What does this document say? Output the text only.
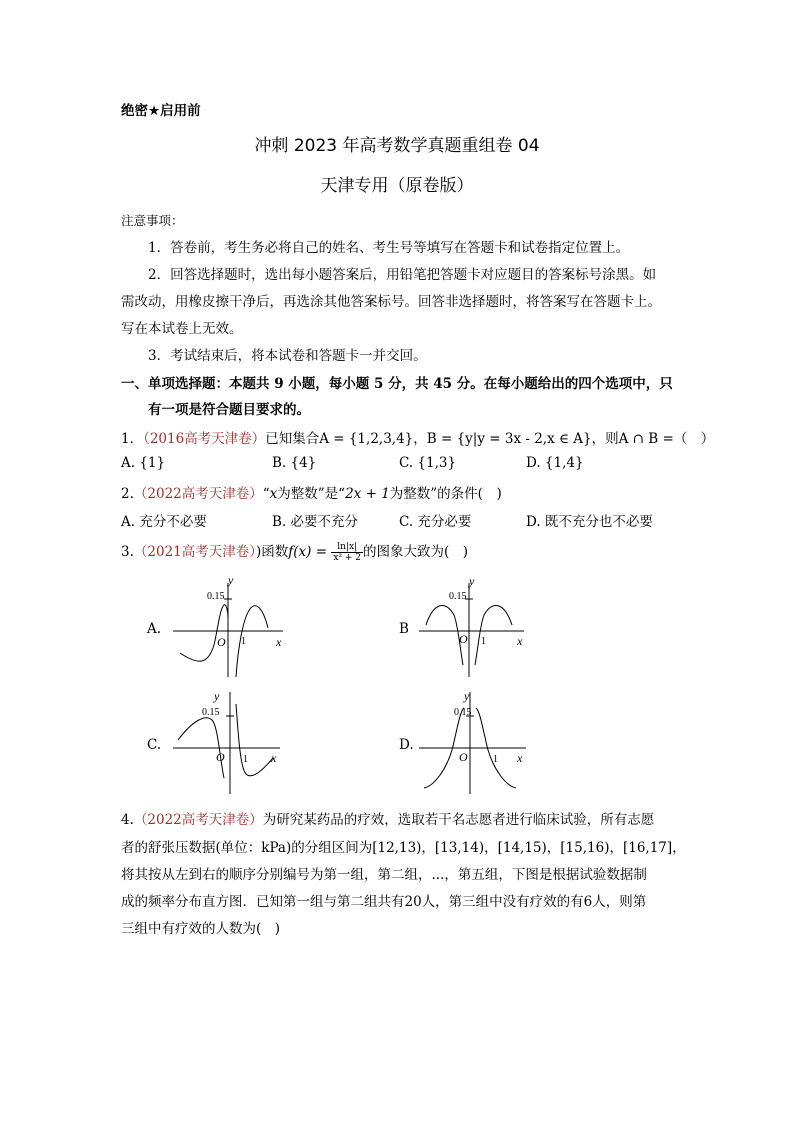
绝密★启用前
冲刺 2023 年高考数学真题重组卷 04
天津专用（原卷版）
注意事项：
1．答卷前，考生务必将自己的姓名、考生号等填写在答题卡和试卷指定位置上。
2．回答选择题时，选出每小题答案后，用铅笔把答题卡对应题目的答案标号涂黑。如
需改动，用橡皮擦干净后，再选涂其他答案标号。回答非选择题时，将答案写在答题卡上。
写在本试卷上无效。
3．考试结束后，将本试卷和答题卡一并交回。
一、单项选择题：本题共 9 小题，每小题 5 分，共 45 分。在每小题给出的四个选项中，只
有一项是符合题目要求的。
1．（2016高考天津卷）已知集合A = {1,2,3,4}，B = {y|y = 3x - 2,x ∈ A}，则A ∩ B =（　）
A. {1}	B. {4}	C. {1,3}	D. {1,4}
2.（2022高考天津卷）“x为整数”是“2x + 1为整数”的条件(　)
A. 充分不必要	B. 必要不充分	C. 充分必要	D. 既不充分也不必要
3.（2021高考天津卷）)函数$f(x) = \frac{\ln|x|}{\text{x² + 2}}$ 的图象大致为(　)
A.
y
0.15
O 1	x
B
y
0.15
O 1	x
C.
y
0.15
O 1 x
D.
y
0.15
O	1 x
4.（2022高考天津卷）为研究某药品的疗效，选取若干名志愿者进行临床试验，所有志愿
者的舒张压数据(单位：kPa)的分组区间为[12,13)，[13,14)，[14,15)，[15,16)，[16,17]，
将其按从左到右的顺序分别编号为第一组，第二组，...，第五组，下图是根据试验数据制
成的频率分布直方图．已知第一组与第二组共有20人，第三组中没有疗效的有6人，则第
三组中有疗效的人数为(　)
